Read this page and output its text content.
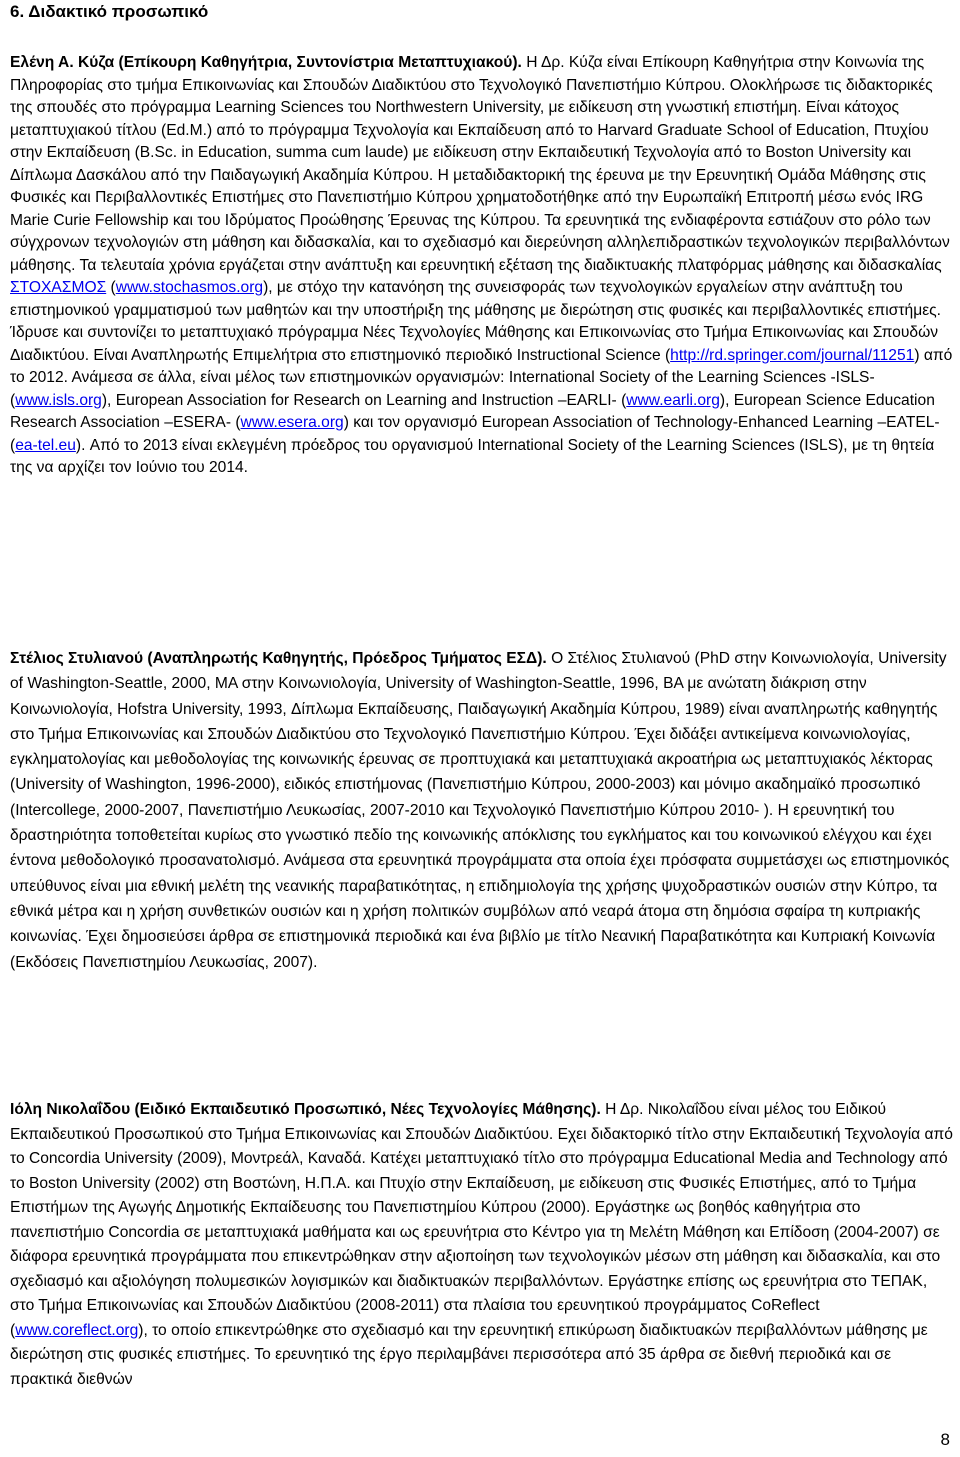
6. Διδακτικό προσωπικό

Ελένη Α. Κύζα (Επίκουρη Καθηγήτρια, Συντονίστρια Μεταπτυχιακού). Η Δρ. Κύζα είναι Επίκουρη Καθηγήτρια στην Κοινωνία της Πληροφορίας στο τμήμα Επικοινωνίας και Σπουδών Διαδικτύου στο Τεχνολογικό Πανεπιστήμιο Κύπρου. Ολοκλήρωσε τις διδακτορικές της σπουδές στο πρόγραμμα Learning Sciences του Northwestern University, με ειδίκευση στη γνωστική επιστήμη. Είναι κάτοχος μεταπτυχιακού τίτλου (Ed.M.) από το πρόγραμμα Τεχνολογία και Εκπαίδευση από το Harvard Graduate School of Education, Πτυχίου στην Εκπαίδευση (B.Sc. in Education, summa cum laude) με ειδίκευση στην Εκπαιδευτική Τεχνολογία από το Boston University και Δίπλωμα Δασκάλου από την Παιδαγωγική Ακαδημία Κύπρου. Η μεταδιδακτορική της έρευνα με την Ερευνητική Ομάδα Μάθησης στις Φυσικές και Περιβαλλοντικές Επιστήμες στο Πανεπιστήμιο Κύπρου χρηματοδοτήθηκε από την Ευρωπαϊκή Επιτροπή μέσω ενός IRG Marie Curie Fellowship και του Ιδρύματος Προώθησης Έρευνας της Κύπρου. Τα ερευνητικά της ενδιαφέροντα εστιάζουν στο ρόλο των σύγχρονων τεχνολογιών στη μάθηση και διδασκαλία, και το σχεδιασμό και διερεύνηση αλληλεπιδραστικών τεχνολογικών περιβαλλόντων μάθησης. Τα τελευταία χρόνια εργάζεται στην ανάπτυξη και ερευνητική εξέταση της διαδικτυακής πλατφόρμας μάθησης και διδασκαλίας ΣΤΟΧΑΣΜΟΣ (www.stochasmos.org), με στόχο την κατανόηση της συνεισφοράς των τεχνολογικών εργαλείων στην ανάπτυξη του επιστημονικού γραμματισμού των μαθητών και την υποστήριξη της μάθησης με διερώτηση στις φυσικές και περιβαλλοντικές επιστήμες. Ίδρυσε και συντονίζει το μεταπτυχιακό πρόγραμμα Νέες Τεχνολογίες Μάθησης και Επικοινωνίας στο Τμήμα Επικοινωνίας και Σπουδών Διαδικτύου. Είναι Αναπληρωτής Επιμελήτρια στο επιστημονικό περιοδικό Instructional Science (http://rd.springer.com/journal/11251) από το 2012. Ανάμεσα σε άλλα, είναι μέλος των επιστημονικών οργανισμών: International Society of the Learning Sciences -ISLS- (www.isls.org), European Association for Research on Learning and Instruction –EARLI- (www.earli.org), European Science Education Research Association –ESERA- (www.esera.org) και τον οργανισμό European Association of Technology-Enhanced Learning –EATEL- (ea-tel.eu). Από το 2013 είναι εκλεγμένη πρόεδρος του οργανισμού International Society of the Learning Sciences (ISLS), με τη θητεία της να αρχίζει τον Ιούνιο του 2014.

Στέλιος Στυλιανού (Αναπληρωτής Καθηγητής, Πρόεδρος Τμήματος ΕΣΔ). Ο Στέλιος Στυλιανού (PhD στην Κοινωνιολογία, University of Washington-Seattle, 2000, MA στην Κοινωνιολογία, University of Washington-Seattle, 1996, BA με ανώτατη διάκριση στην Κοινωνιολογία, Hofstra University, 1993, Δίπλωμα Εκπαίδευσης, Παιδαγωγική Ακαδημία Κύπρου, 1989) είναι αναπληρωτής καθηγητής στο Τμήμα Επικοινωνίας και Σπουδών Διαδικτύου στο Τεχνολογικό Πανεπιστήμιο Κύπρου. Έχει διδάξει αντικείμενα κοινωνιολογίας, εγκληματολογίας και μεθοδολογίας της κοινωνικής έρευνας σε προπτυχιακά και μεταπτυχιακά ακροατήρια ως μεταπτυχιακός λέκτορας (University of Washington, 1996-2000), ειδικός επιστήμονας (Πανεπιστήμιο Κύπρου, 2000-2003) και μόνιμο ακαδημαϊκό προσωπικό (Intercollege, 2000-2007, Πανεπιστήμιο Λευκωσίας, 2007-2010 και Τεχνολογικό Πανεπιστήμιο Κύπρου 2010- ). Η ερευνητική του δραστηριότητα τοποθετείται κυρίως στο γνωστικό πεδίο της κοινωνικής απόκλισης του εγκλήματος και του κοινωνικού ελέγχου και έχει έντονα μεθοδολογικό προσανατολισμό. Ανάμεσα στα ερευνητικά προγράμματα στα οποία έχει πρόσφατα συμμετάσχει ως επιστημονικός υπεύθυνος είναι μια εθνική μελέτη της νεανικής παραβατικότητας, η επιδημιολογία της χρήσης ψυχοδραστικών ουσιών στην Κύπρο, τα εθνικά μέτρα και η χρήση συνθετικών ουσιών και η χρήση πολιτικών συμβόλων από νεαρά άτομα στη δημόσια σφαίρα τη κυπριακής κοινωνίας. Έχει δημοσιεύσει άρθρα σε επιστημονικά περιοδικά και ένα βιβλίο με τίτλο Νεανική Παραβατικότητα και Κυπριακή Κοινωνία (Εκδόσεις Πανεπιστημίου Λευκωσίας, 2007).

Ιόλη Νικολαΐδου (Ειδικό Εκπαιδευτικό Προσωπικό, Νέες Τεχνολογίες Μάθησης). Η Δρ. Νικολαΐδου είναι μέλος του Ειδικού Εκπαιδευτικού Προσωπικού στο Τμήμα Επικοινωνίας και Σπουδών Διαδικτύου. Εχει διδακτορικό τίτλο στην Εκπαιδευτική Τεχνολογία από το Concordia University (2009), Μοντρεάλ, Καναδά. Κατέχει μεταπτυχιακό τίτλο στο πρόγραμμα Educational Media and Technology από το Boston University (2002) στη Βοστώνη, Η.Π.Α. και Πτυχίο στην Εκπαίδευση, με ειδίκευση στις Φυσικές Επιστήμες, από το Τμήμα Επιστήμων της Αγωγής Δημοτικής Εκπαίδευσης του Πανεπιστημίου Κύπρου (2000). Εργάστηκε ως βοηθός καθηγήτρια στο πανεπιστήμιο Concordia σε μεταπτυχιακά μαθήματα και ως ερευνήτρια στο Κέντρο για τη Μελέτη Μάθηση και Επίδοση (2004-2007) σε διάφορα ερευνητικά προγράμματα που επικεντρώθηκαν στην αξιοποίηση των τεχνολογικών μέσων στη μάθηση και διδασκαλία, και στο σχεδιασμό και αξιολόγηση πολυμεσικών λογισμικών και διαδικτυακών περιβαλλόντων. Εργάστηκε επίσης ως ερευνήτρια στο ΤΕΠΑΚ, στο Τμήμα Επικοινωνίας και Σπουδών Διαδικτύου (2008-2011) στα πλαίσια του ερευνητικού προγράμματος CoReflect (www.coreflect.org), το οποίο επικεντρώθηκε στο σχεδιασμό και την ερευνητική επικύρωση διαδικτυακών περιβαλλόντων μάθησης με διερώτηση στις φυσικές επιστήμες. Το ερευνητικό της έργο περιλαμβάνει περισσότερα από 35 άρθρα σε διεθνή περιοδικά και σε πρακτικά διεθνών

8
